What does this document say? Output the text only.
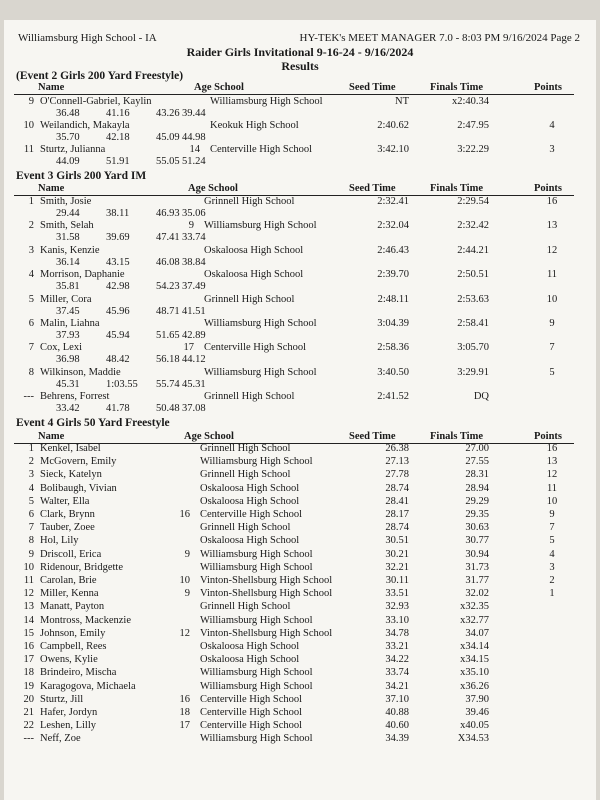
Williamsburg High School - IA	HY-TEK's MEET MANAGER 7.0 - 8:03 PM 9/16/2024 Page 2
Raider Girls Invitational 9-16-24 - 9/16/2024
Results
(Event 2 Girls 200 Yard Freestyle)
Name	Age School	Seed Time	Finals Time	Points
9 O'Connell-Gabriel, Kaylin	Williamsburg High School	NT	x2:40.34
36.48	41.16	43.26 39.44
10 Weilandich, Makayla	Keokuk High School	2:40.62	2:47.95	4
35.70	42.18	45.09 44.98
11 Sturtz, Julianna	14 Centerville High School	3:42.10	3:22.29	3
44.09	51.91	55.05 51.24
Event 3 Girls 200 Yard IM
Name	Age School	Seed Time	Finals Time	Points
1 Smith, Josie	Grinnell High School	2:32.41	2:29.54	16
29.44	38.11	46.93 35.06
2 Smith, Selah	9 Williamsburg High School	2:32.04	2:32.42	13
31.58	39.69	47.41 33.74
3 Kanis, Kenzie	Oskaloosa High School	2:46.43	2:44.21	12
36.14	43.15	46.08 38.84
4 Morrison, Daphanie	Oskaloosa High School	2:39.70	2:50.51	11
35.81	42.98	54.23 37.49
5 Miller, Cora	Grinnell High School	2:48.11	2:53.63	10
37.45	45.96	48.71 41.51
6 Malin, Liahna	Williamsburg High School	3:04.39	2:58.41	9
37.93	45.94	51.65 42.89
7 Cox, Lexi	17 Centerville High School	2:58.36	3:05.70	7
36.98	48.42	56.18 44.12
8 Wilkinson, Maddie	Williamsburg High School	3:40.50	3:29.91	5
45.31	1:03.55 55.74 45.31
--- Behrens, Forrest	Grinnell High School	2:41.52	DQ
33.42	41.78	50.48 37.08
Event 4 Girls 50 Yard Freestyle
Name	Age School	Seed Time	Finals Time	Points
1 Kenkel, Isabel	Grinnell High School	26.38	27.00	16
2 McGovern, Emily	Williamsburg High School	27.13	27.55	13
3 Sieck, Katelyn	Grinnell High School	27.78	28.31	12
4 Bolibaugh, Vivian	Oskaloosa High School	28.74	28.94	11
5 Walter, Ella	Oskaloosa High School	28.41	29.29	10
6 Clark, Brynn	16 Centerville High School	28.17	29.35	9
7 Tauber, Zoee	Grinnell High School	28.74	30.63	7
8 Hol, Lily	Oskaloosa High School	30.51	30.77	5
9 Driscoll, Erica	9 Williamsburg High School	30.21	30.94	4
10 Ridenour, Bridgette	Williamsburg High School	32.21	31.73	3
11 Carolan, Brie	10 Vinton-Shellsburg High School	30.11	31.77	2
12 Miller, Kenna	9 Vinton-Shellsburg High School	33.51	32.02	1
13 Manatt, Payton	Grinnell High School	32.93	x32.35
14 Montross, Mackenzie	Williamsburg High School	33.10	x32.77
15 Johnson, Emily	12 Vinton-Shellsburg High School	34.78	34.07
16 Campbell, Rees	Oskaloosa High School	33.21	x34.14
17 Owens, Kylie	Oskaloosa High School	34.22	x34.15
18 Brindeiro, Mischa	Williamsburg High School	33.74	x35.10
19 Karagogova, Michaela	Williamsburg High School	34.21	x36.26
20 Sturtz, Jill	16 Centerville High School	37.10	37.90
21 Hafer, Jordyn	18 Centerville High School	40.88	39.46
22 Leshen, Lilly	17 Centerville High School	40.60	x40.05
--- Neff, Zoe	Williamsburg High School	34.39	X34.53
